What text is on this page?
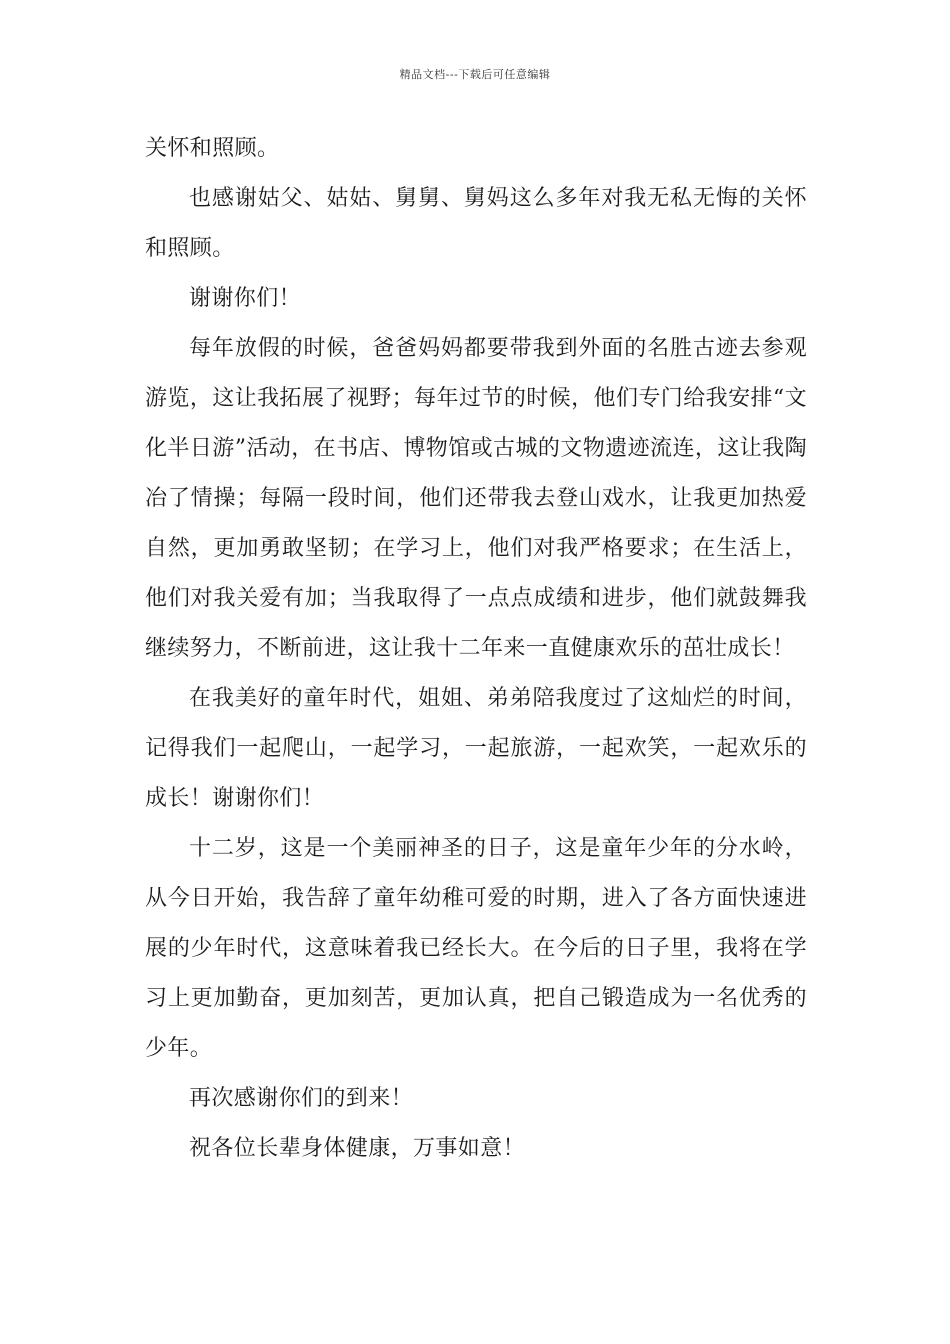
精品文档---下载后可任意编辑

关怀和照顾。

也感谢姑父、姑姑、舅舅、舅妈这么多年对我无私无悔的关怀和照顾。

谢谢你们！

每年放假的时候，爸爸妈妈都要带我到外面的名胜古迹去参观游览，这让我拓展了视野；每年过节的时候，他们专门给我安排“文化半日游”活动，在书店、博物馆或古城的文物遗迹流连，这让我陶冶了情操；每隔一段时间，他们还带我去登山戏水，让我更加热爱自然，更加勇敢坚韧；在学习上，他们对我严格要求；在生活上，他们对我关爱有加；当我取得了一点点成绩和进步，他们就鼓舞我继续努力，不断前进，这让我十二年来一直健康欢乐的茁壮成长！

在我美好的童年时代，姐姐、弟弟陪我度过了这灿烂的时间，记得我们一起爬山，一起学习，一起旅游，一起欢笑，一起欢乐的成长！谢谢你们！

十二岁，这是一个美丽神圣的日子，这是童年少年的分水岭，从今日开始，我告辞了童年幼稚可爱的时期，进入了各方面快速进展的少年时代，这意味着我已经长大。在今后的日子里，我将在学习上更加勤奋，更加刻苦，更加认真，把自己锻造成为一名优秀的少年。

再次感谢你们的到来！

祝各位长辈身体健康，万事如意！
